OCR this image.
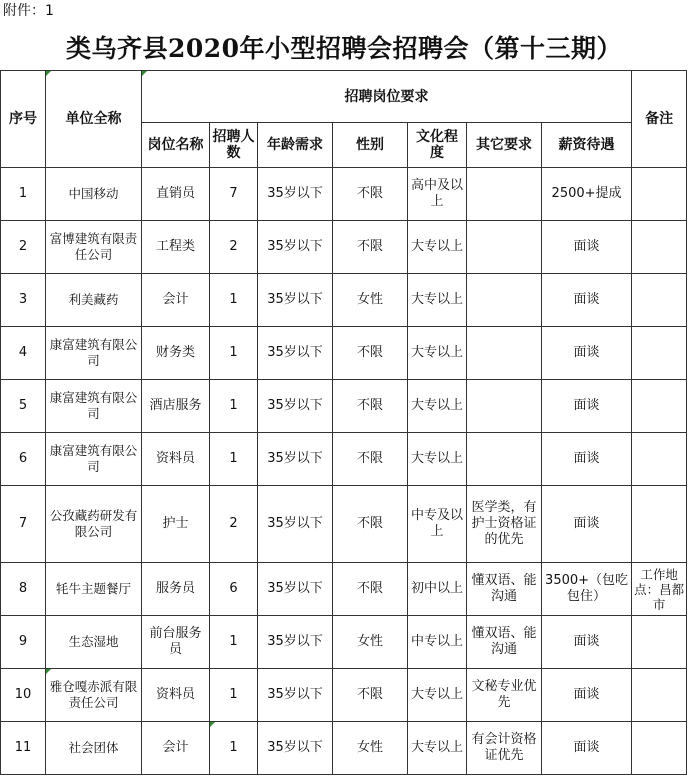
附件：1
类乌齐县2020年小型招聘会招聘会（第十三期）
序号	单位全称	招聘岗位要求							备注
		岗位名称	招聘人数	年龄需求	性别	文化程度	其它要求	薪资待遇	
1	中国移动	直销员	7	35岁以下	不限	高中及以上		2500+提成	
2	富博建筑有限责任公司	工程类	2	35岁以下	不限	大专以上		面谈	
3	利美藏药	会计	1	35岁以下	女性	大专以上		面谈	
4	康富建筑有限公司	财务类	1	35岁以下	不限	大专以上		面谈	
5	康富建筑有限公司	酒店服务	1	35岁以下	不限	大专以上		面谈	
6	康富建筑有限公司	资料员	1	35岁以下	不限	大专以上		面谈	
7	公孜藏药研发有限公司	护士	2	35岁以下	不限	中专及以上	医学类，有护士资格证的优先	面谈	
8	牦牛主题餐厅	服务员	6	35岁以下	不限	初中以上	懂双语、能沟通	3500+（包吃包住）	工作地点：昌都市
9	生态湿地	前台服务员	1	35岁以下	女性	中专以上	懂双语、能沟通	面谈	
10	雅仓嘎赤派有限责任公司	资料员	1	35岁以下	不限	大专以上	文秘专业优先	面谈	
11	社会团体	会计	1	35岁以下	女性	大专以上	有会计资格证优先	面谈	
